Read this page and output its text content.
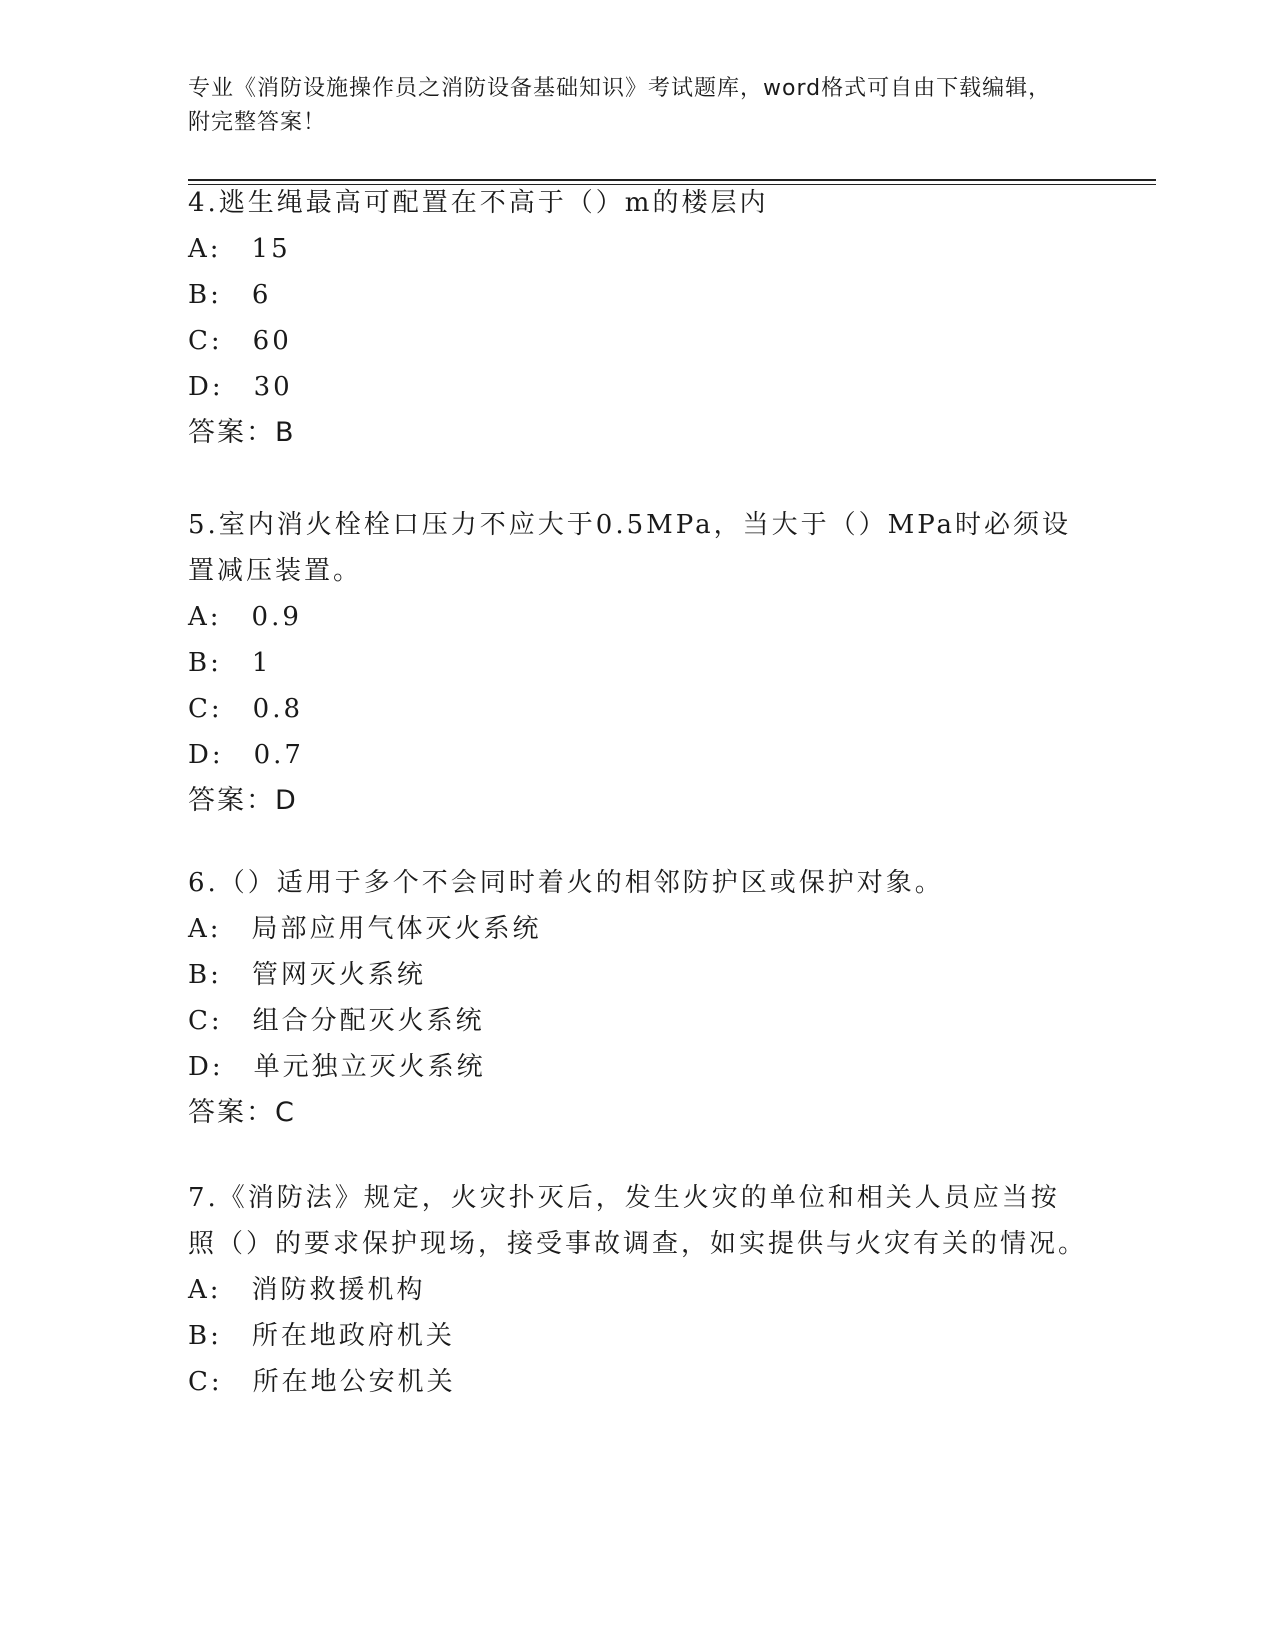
专业《消防设施操作员之消防设备基础知识》考试题库，word格式可自由下载编辑，附完整答案！
4.逃生绳最高可配置在不高于（）m的楼层内
A: 15
B: 6
C: 60
D: 30
答案：B
5.室内消火栓栓口压力不应大于0.5MPa，当大于（）MPa时必须设置减压装置。
A: 0.9
B: 1
C: 0.8
D: 0.7
答案：D
6.（）适用于多个不会同时着火的相邻防护区或保护对象。
A: 局部应用气体灭火系统
B: 管网灭火系统
C: 组合分配灭火系统
D: 单元独立灭火系统
答案：C
7.《消防法》规定，火灾扑灭后，发生火灾的单位和相关人员应当按照（）的要求保护现场，接受事故调查，如实提供与火灾有关的情况。
A: 消防救援机构
B: 所在地政府机关
C: 所在地公安机关
